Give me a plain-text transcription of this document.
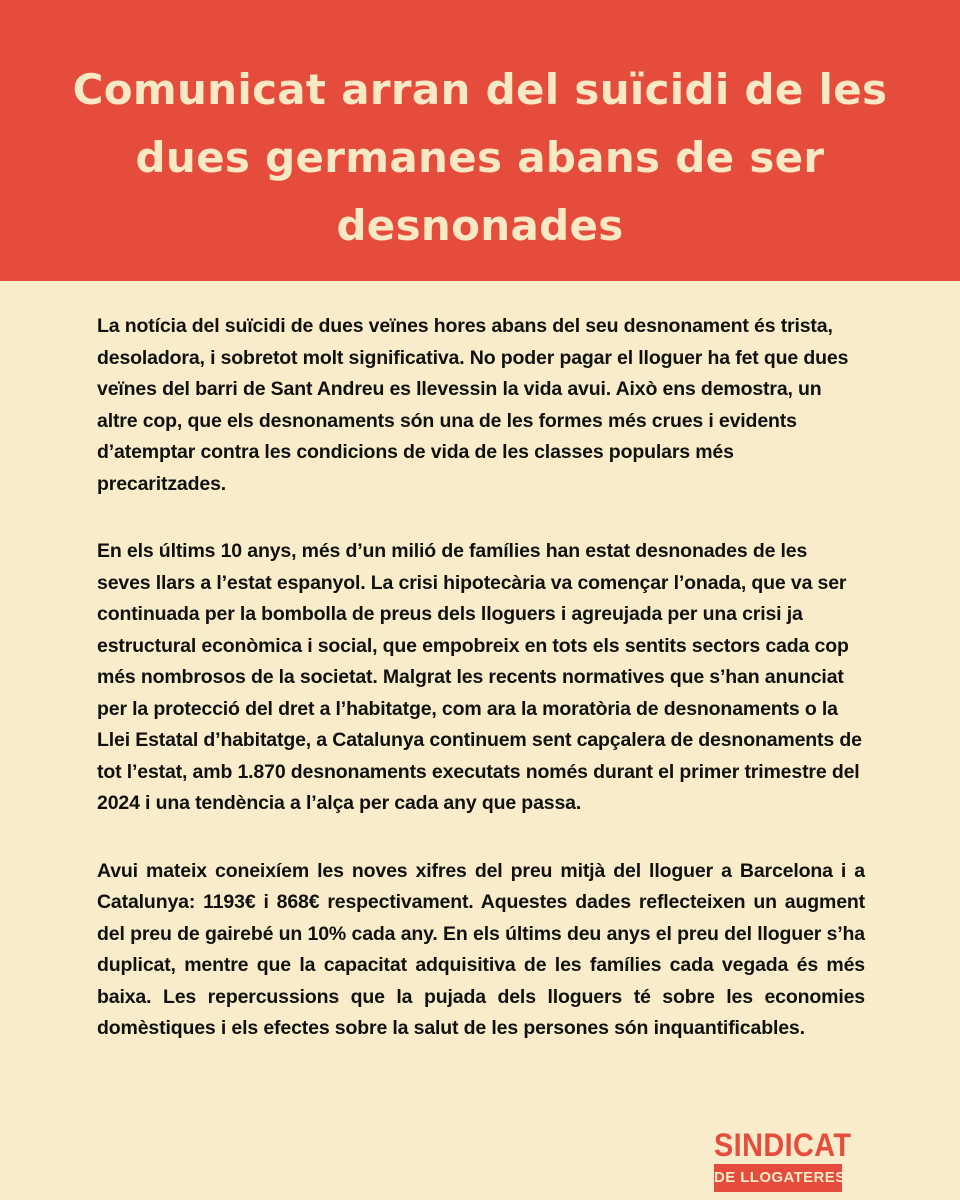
Comunicat arran del suïcidi de les dues germanes abans de ser desnonades

La notícia del suïcidi de dues veïnes hores abans del seu desnonament és trista, desoladora, i sobretot molt significativa. No poder pagar el lloguer ha fet que dues veïnes del barri de Sant Andreu es llevessin la vida avui. Això ens demostra, un altre cop, que els desnonaments són una de les formes més crues i evidents d’atemptar contra les condicions de vida de les classes populars més precaritzades.

En els últims 10 anys, més d’un milió de famílies han estat desnonades de les seves llars a l’estat espanyol. La crisi hipotecària va començar l’onada, que va ser continuada per la bombolla de preus dels lloguers i agreujada per una crisi ja estructural econòmica i social, que empobreix en tots els sentits sectors cada cop més nombrosos de la societat. Malgrat les recents normatives que s’han anunciat per la protecció del dret a l’habitatge, com ara la moratòria de desnonaments o la Llei Estatal d’habitatge, a Catalunya continuem sent capçalera de desnonaments de tot l’estat, amb 1.870 desnonaments executats només durant el primer trimestre del 2024 i una tendència a l’alça per cada any que passa.

Avui mateix coneixíem les noves xifres del preu mitjà del lloguer a Barcelona i a Catalunya: 1193€ i 868€ respectivament. Aquestes dades reflecteixen un augment del preu de gairebé un 10% cada any. En els últims deu anys el preu del lloguer s’ha duplicat, mentre que la capacitat adquisitiva de les famílies cada vegada és més baixa. Les repercussions que la pujada dels lloguers té sobre les economies domèstiques i els efectes sobre la salut de les persones són inquantificables.

SINDICAT
DE LLOGATERES
